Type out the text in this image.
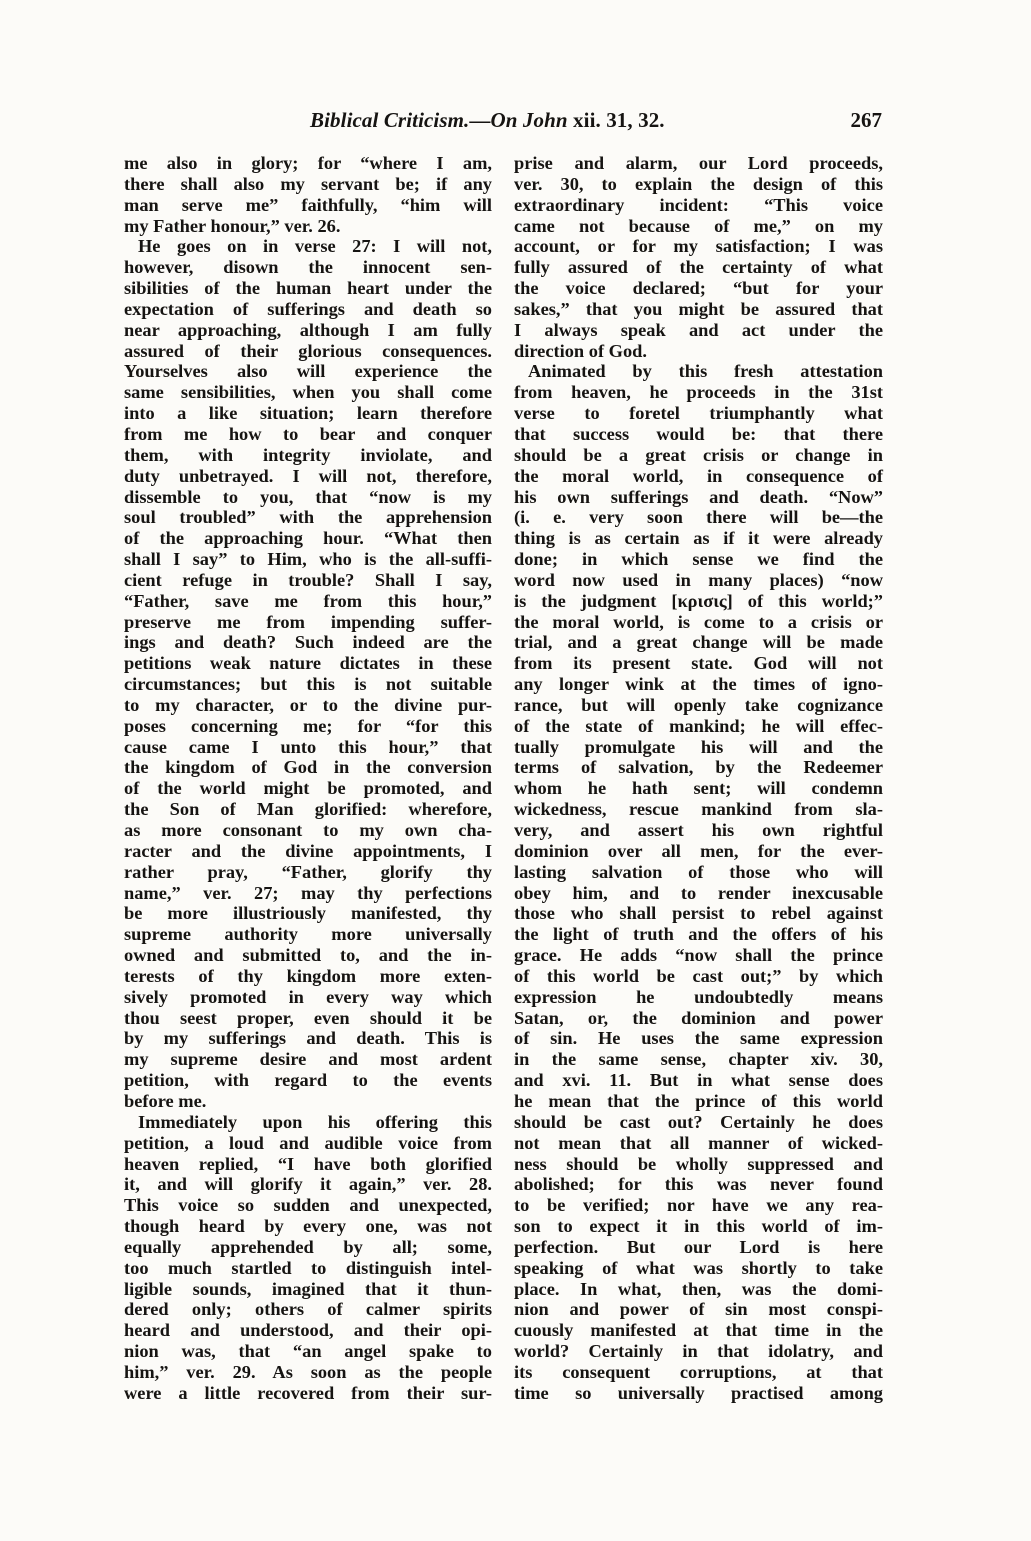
Biblical Criticism.—On John xii. 31, 32.	267
me also in glory; for “where I am,
there shall also my servant be; if any
man serve me” faithfully, “him will
my Father honour,” ver. 26.
He goes on in verse 27: I will not,
however, disown the innocent sen-
sibilities of the human heart under the
expectation of sufferings and death so
near approaching, although I am fully
assured of their glorious consequences.
Yourselves also will experience the
same sensibilities, when you shall come
into a like situation; learn therefore
from me how to bear and conquer
them, with integrity inviolate, and
duty unbetrayed. I will not, therefore,
dissemble to you, that “now is my
soul troubled” with the apprehension
of the approaching hour. “What then
shall I say” to Him, who is the all-suffi-
cient refuge in trouble? Shall I say,
“Father, save me from this hour,”
preserve me from impending suffer-
ings and death? Such indeed are the
petitions weak nature dictates in these
circumstances; but this is not suitable
to my character, or to the divine pur-
poses concerning me; for “for this
cause came I unto this hour,” that
the kingdom of God in the conversion
of the world might be promoted, and
the Son of Man glorified: wherefore,
as more consonant to my own cha-
racter and the divine appointments, I
rather pray, “Father, glorify thy
name,” ver. 27; may thy perfections
be more illustriously manifested, thy
supreme authority more universally
owned and submitted to, and the in-
terests of thy kingdom more exten-
sively promoted in every way which
thou seest proper, even should it be
by my sufferings and death. This is
my supreme desire and most ardent
petition, with regard to the events
before me.
Immediately upon his offering this
petition, a loud and audible voice from
heaven replied, “I have both glorified
it, and will glorify it again,” ver. 28.
This voice so sudden and unexpected,
though heard by every one, was not
equally apprehended by all; some,
too much startled to distinguish intel-
ligible sounds, imagined that it thun-
dered only; others of calmer spirits
heard and understood, and their opi-
nion was, that “an angel spake to
him,” ver. 29. As soon as the people
were a little recovered from their sur-
prise and alarm, our Lord proceeds,
ver. 30, to explain the design of this
extraordinary incident: “This voice
came not because of me,” on my
account, or for my satisfaction; I was
fully assured of the certainty of what
the voice declared; “but for your
sakes,” that you might be assured that
I always speak and act under the
direction of God.
Animated by this fresh attestation
from heaven, he proceeds in the 31st
verse to foretel triumphantly what
that success would be: that there
should be a great crisis or change in
the moral world, in consequence of
his own sufferings and death. “Now”
(i. e. very soon there will be—the
thing is as certain as if it were already
done; in which sense we find the
word now used in many places) “now
is the judgment [κρισις] of this world;”
the moral world, is come to a crisis or
trial, and a great change will be made
from its present state. God will not
any longer wink at the times of igno-
rance, but will openly take cognizance
of the state of mankind; he will effec-
tually promulgate his will and the
terms of salvation, by the Redeemer
whom he hath sent; will condemn
wickedness, rescue mankind from sla-
very, and assert his own rightful
dominion over all men, for the ever-
lasting salvation of those who will
obey him, and to render inexcusable
those who shall persist to rebel against
the light of truth and the offers of his
grace. He adds “now shall the prince
of this world be cast out;” by which
expression he undoubtedly means
Satan, or, the dominion and power
of sin. He uses the same expression
in the same sense, chapter xiv. 30,
and xvi. 11. But in what sense does
he mean that the prince of this world
should be cast out? Certainly he does
not mean that all manner of wicked-
ness should be wholly suppressed and
abolished; for this was never found
to be verified; nor have we any rea-
son to expect it in this world of im-
perfection. But our Lord is here
speaking of what was shortly to take
place. In what, then, was the domi-
nion and power of sin most conspi-
cuously manifested at that time in the
world? Certainly in that idolatry, and
its consequent corruptions, at that
time so universally practised among
